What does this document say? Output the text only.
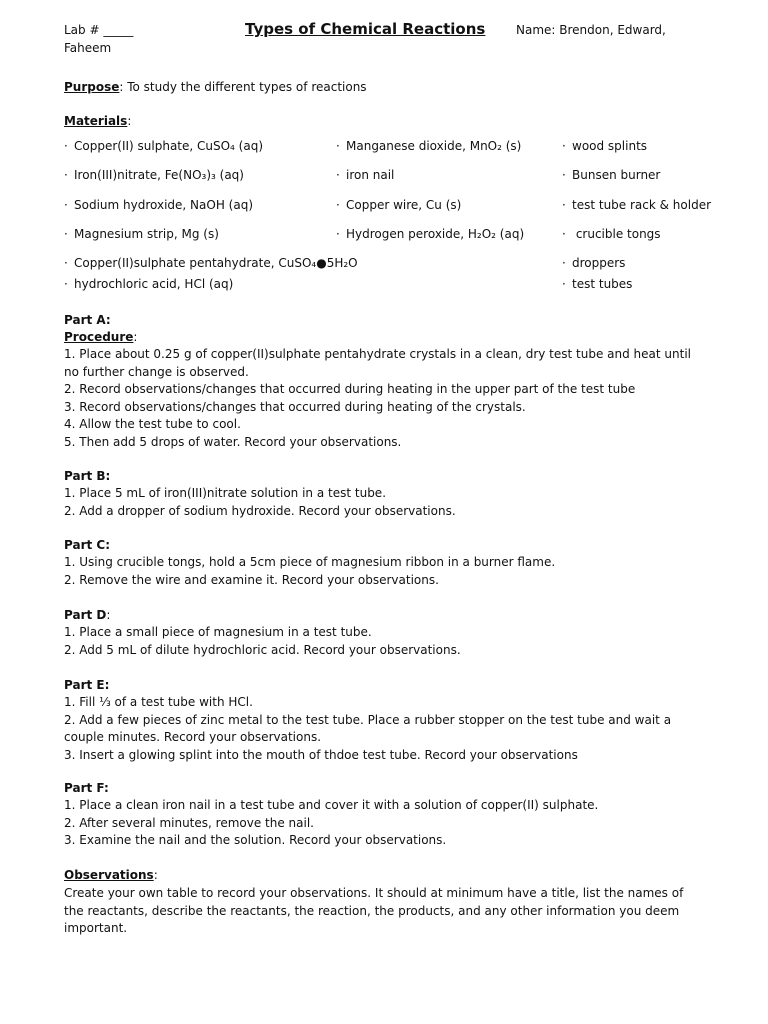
Lab # _____	Types of Chemical Reactions	Name: Brendon, Edward,
Faheem
Purpose: To study the different types of reactions
Materials:
· Copper(II) sulphate, CuSO₄ (aq)
· Iron(III)nitrate, Fe(NO₃)₃ (aq)
· Sodium hydroxide, NaOH (aq)
· Magnesium strip, Mg (s)
· Copper(II)sulphate pentahydrate, CuSO₄●5H₂O
· hydrochloric acid, HCl (aq)
· Manganese dioxide, MnO₂ (s)
· iron nail
· Copper wire, Cu (s)
· Hydrogen peroxide, H₂O₂ (aq)
· wood splints
· Bunsen burner
· test tube rack & holder
· crucible tongs
· droppers
· test tubes
Part A:
Procedure:
1. Place about 0.25 g of copper(II)sulphate pentahydrate crystals in a clean, dry test tube and heat until no further change is observed.
2. Record observations/changes that occurred during heating in the upper part of the test tube
3. Record observations/changes that occurred during heating of the crystals.
4. Allow the test tube to cool.
5. Then add 5 drops of water. Record your observations.
Part B:
1. Place 5 mL of iron(III)nitrate solution in a test tube.
2. Add a dropper of sodium hydroxide. Record your observations.
Part C:
1. Using crucible tongs, hold a 5cm piece of magnesium ribbon in a burner flame.
2. Remove the wire and examine it. Record your observations.
Part D:
1. Place a small piece of magnesium in a test tube.
2. Add 5 mL of dilute hydrochloric acid. Record your observations.
Part E:
1. Fill ⅓ of a test tube with HCl.
2. Add a few pieces of zinc metal to the test tube. Place a rubber stopper on the test tube and wait a couple minutes. Record your observations.
3. Insert a glowing splint into the mouth of thdoe test tube. Record your observations
Part F:
1. Place a clean iron nail in a test tube and cover it with a solution of copper(II) sulphate.
2. After several minutes, remove the nail.
3. Examine the nail and the solution. Record your observations.
Observations:
Create your own table to record your observations. It should at minimum have a title, list the names of the reactants, describe the reactants, the reaction, the products, and any other information you deem important.
